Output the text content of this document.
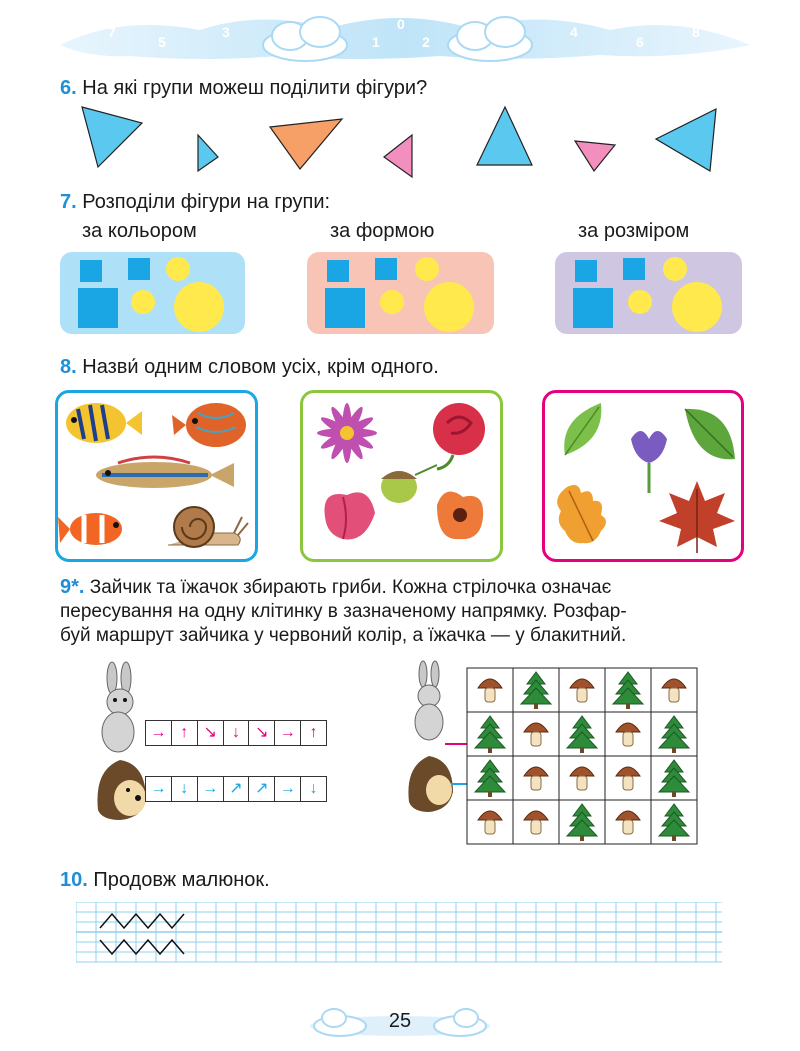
7
5
3
1
0
2
4
6
8
6. На які групи можеш поділити фігури?
7. Розподіли фігури на групи:
за кольором	за формою	за розміром
8. Назви́ одним словом усіх, крім одного.
9*. Зайчик та їжачок збирають гриби. Кожна стрілочка означає
пересування на одну клітинку в зазначеному напрямку. Розфар-
буй маршрут зайчика у червоний колір, а їжачка — у блакитний.
→ ↑ ↘ ↓ ↘ → ↑
→ ↓ → ↗ ↗ → ↓
10. Продовж малюнок.
25
